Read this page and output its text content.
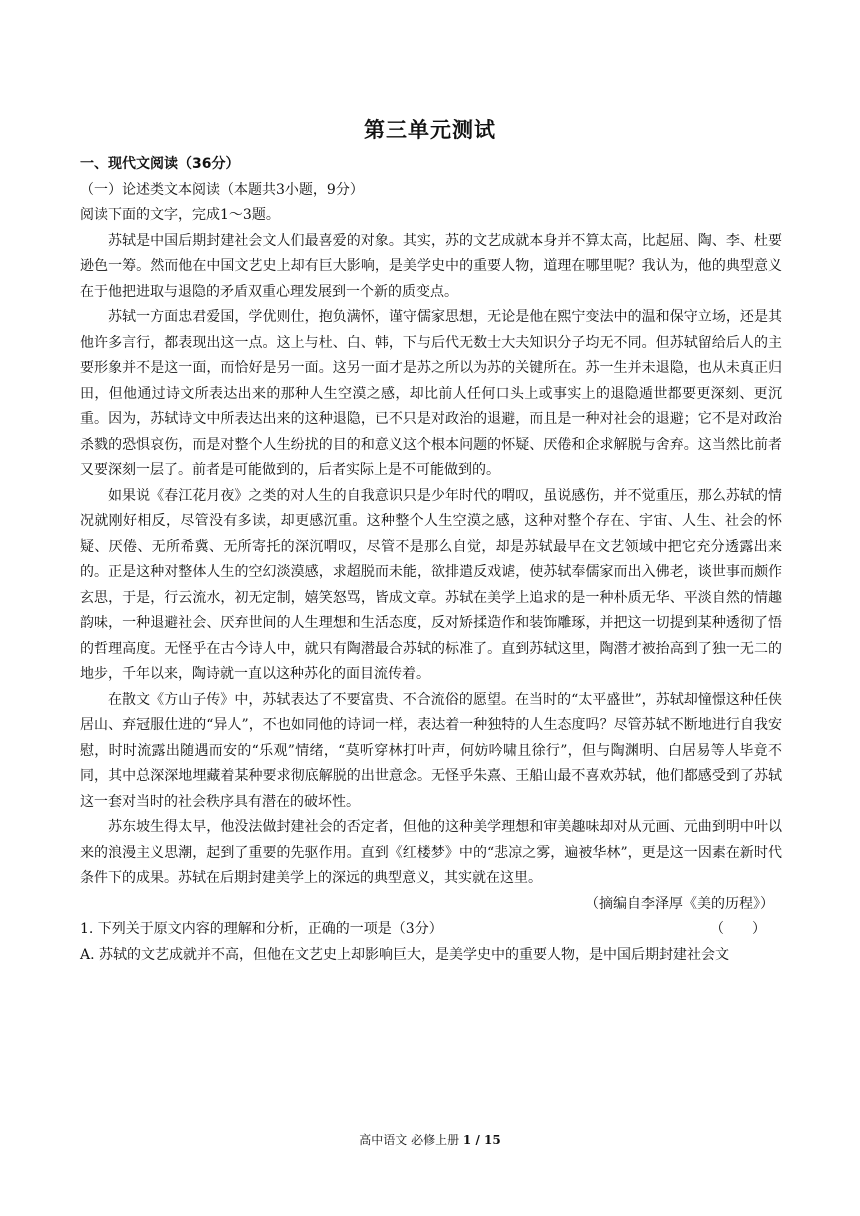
第三单元测试

一、现代文阅读（36分）

（一）论述类文本阅读（本题共3小题，9分）

阅读下面的文字，完成1～3题。

苏轼是中国后期封建社会文人们最喜爱的对象。其实，苏的文艺成就本身并不算太高，比起屈、陶、李、杜要逊色一筹。然而他在中国文艺史上却有巨大影响，是美学史中的重要人物，道理在哪里呢？我认为，他的典型意义在于他把进取与退隐的矛盾双重心理发展到一个新的质变点。

苏轼一方面忠君爱国，学优则仕，抱负满怀，谨守儒家思想，无论是他在熙宁变法中的温和保守立场，还是其他许多言行，都表现出这一点。这上与杜、白、韩，下与后代无数士大夫知识分子均无不同。但苏轼留给后人的主要形象并不是这一面，而恰好是另一面。这另一面才是苏之所以为苏的关键所在。苏一生并未退隐，也从未真正归田，但他通过诗文所表达出来的那种人生空漠之感，却比前人任何口头上或事实上的退隐遁世都要更深刻、更沉重。因为，苏轼诗文中所表达出来的这种退隐，已不只是对政治的退避，而且是一种对社会的退避；它不是对政治杀戮的恐惧哀伤，而是对整个人生纷扰的目的和意义这个根本问题的怀疑、厌倦和企求解脱与舍弃。这当然比前者又要深刻一层了。前者是可能做到的，后者实际上是不可能做到的。

如果说《春江花月夜》之类的对人生的自我意识只是少年时代的喟叹，虽说感伤，并不觉重压，那么苏轼的情况就刚好相反，尽管没有多读，却更感沉重。这种整个人生空漠之感，这种对整个存在、宇宙、人生、社会的怀疑、厌倦、无所希冀、无所寄托的深沉喟叹，尽管不是那么自觉，却是苏轼最早在文艺领域中把它充分透露出来的。正是这种对整体人生的空幻淡漠感，求超脱而未能，欲排遣反戏谑，使苏轼奉儒家而出入佛老，谈世事而颇作玄思，于是，行云流水，初无定制，嬉笑怒骂，皆成文章。苏轼在美学上追求的是一种朴质无华、平淡自然的情趣韵味，一种退避社会、厌弃世间的人生理想和生活态度，反对矫揉造作和装饰雕琢，并把这一切提到某种透彻了悟的哲理高度。无怪乎在古今诗人中，就只有陶潜最合苏轼的标准了。直到苏轼这里，陶潜才被抬高到了独一无二的地步，千年以来，陶诗就一直以这种苏化的面目流传着。

在散文《方山子传》中，苏轼表达了不要富贵、不合流俗的愿望。在当时的“太平盛世”，苏轼却憧憬这种任侠居山、弃冠服仕进的“异人”，不也如同他的诗词一样，表达着一种独特的人生态度吗？尽管苏轼不断地进行自我安慰，时时流露出随遇而安的“乐观”情绪，“莫听穿林打叶声，何妨吟啸且徐行”，但与陶渊明、白居易等人毕竟不同，其中总深深地埋藏着某种要求彻底解脱的出世意念。无怪乎朱熹、王船山最不喜欢苏轼，他们都感受到了苏轼这一套对当时的社会秩序具有潜在的破坏性。

苏东坡生得太早，他没法做封建社会的否定者，但他的这种美学理想和审美趣味却对从元画、元曲到明中叶以来的浪漫主义思潮，起到了重要的先驱作用。直到《红楼梦》中的“悲凉之雾，遍被华林”，更是这一因素在新时代条件下的成果。苏轼在后期封建美学上的深远的典型意义，其实就在这里。

（摘编自李泽厚《美的历程》）

1. 下列关于原文内容的理解和分析，正确的一项是（3分）	（　　）

A. 苏轼的文艺成就并不高，但他在文艺史上却影响巨大，是美学史中的重要人物，是中国后期封建社会文

高中语文 必修上册 1 / 15
